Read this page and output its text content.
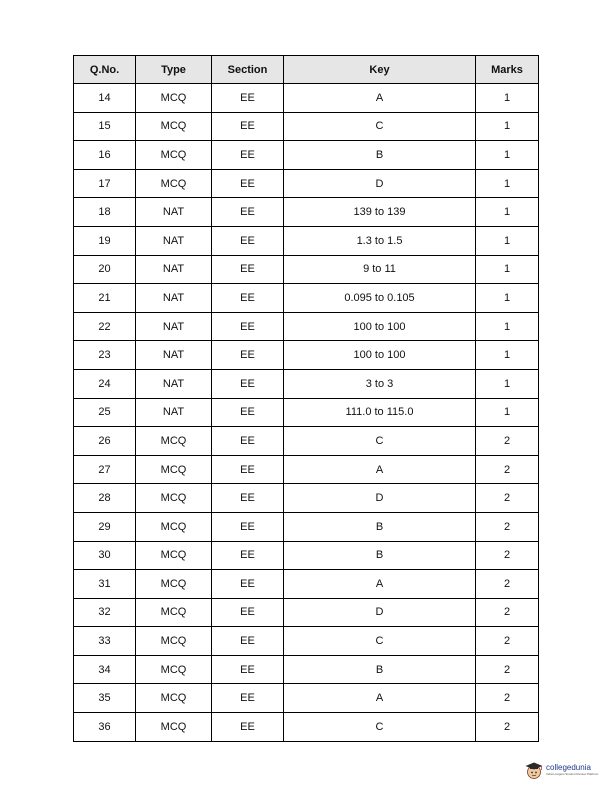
Q.No.	Type	Section	Key	Marks
14	MCQ	EE	A	1
15	MCQ	EE	C	1
16	MCQ	EE	B	1
17	MCQ	EE	D	1
18	NAT	EE	139 to 139	1
19	NAT	EE	1.3 to 1.5	1
20	NAT	EE	9 to 11	1
21	NAT	EE	0.095 to 0.105	1
22	NAT	EE	100 to 100	1
23	NAT	EE	100 to 100	1
24	NAT	EE	3 to 3	1
25	NAT	EE	111.0 to 115.0	1
26	MCQ	EE	C	2
27	MCQ	EE	A	2
28	MCQ	EE	D	2
29	MCQ	EE	B	2
30	MCQ	EE	B	2
31	MCQ	EE	A	2
32	MCQ	EE	D	2
33	MCQ	EE	C	2
34	MCQ	EE	B	2
35	MCQ	EE	A	2
36	MCQ	EE	C	2
collegedunia
India's largest Student Review Platform
